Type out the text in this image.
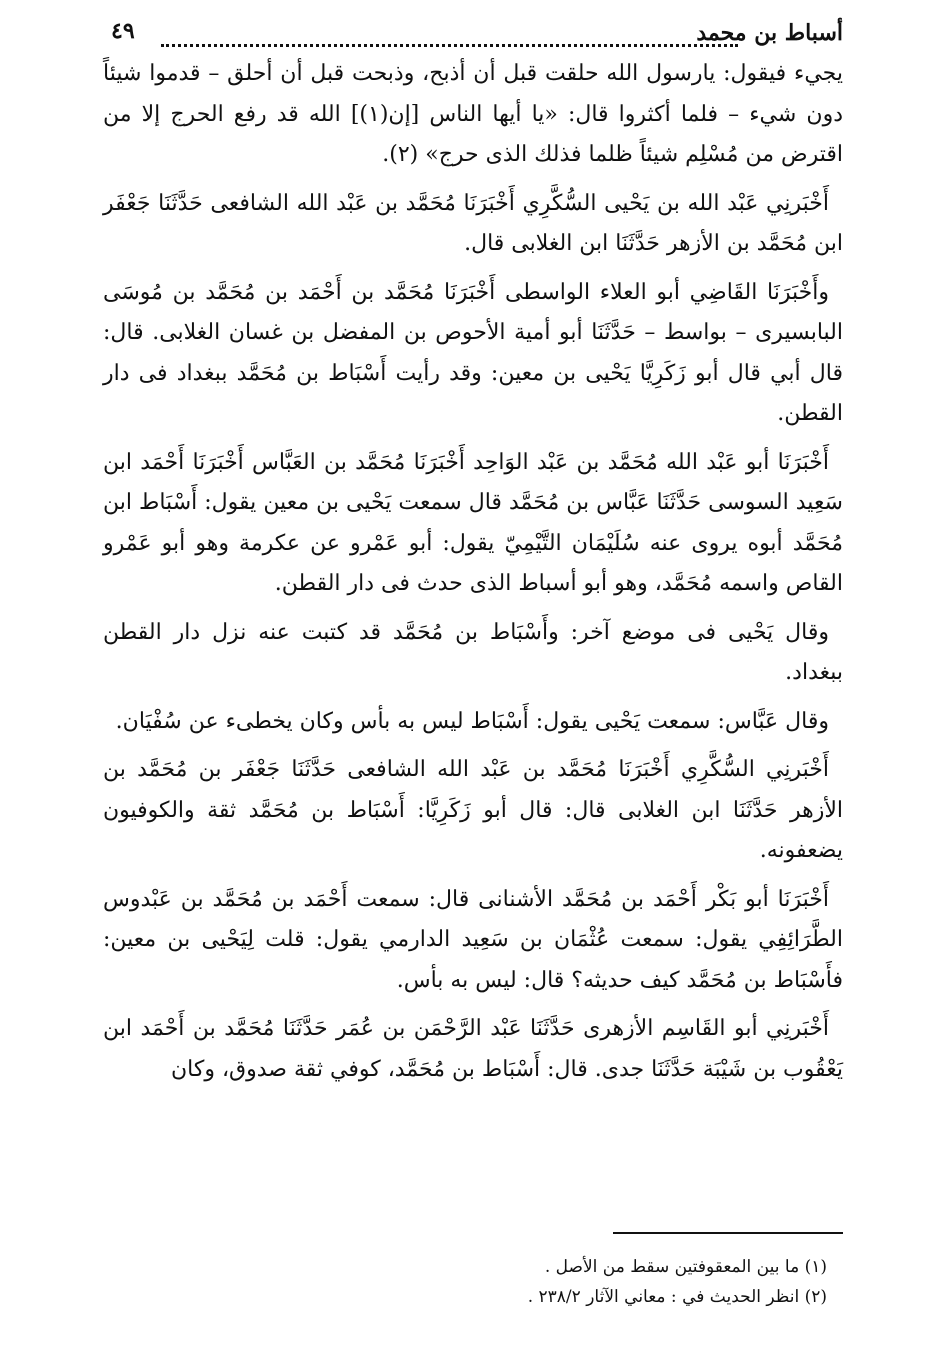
أسباط بن محمد
٤٩

يجيء فيقول: يارسول الله حلقت قبل أن أذبح، وذبحت قبل أن أحلق – قدموا شيئاً دون شيء – فلما أكثروا قال: «يا أيها الناس [إن(١)] الله قد رفع الحرج إلا من اقترض من مُسْلِم شيئاً ظلما فذلك الذى حرج» (٢).

أَخْبَرنِي عَبْد الله بن يَحْيى السُّكَّرِي أَخْبَرَنَا مُحَمَّد بن عَبْد الله الشافعى حَدَّثَنَا جَعْفَر ابن مُحَمَّد بن الأزهر حَدَّثَنَا ابن الغلابى قال.

وأَخْبَرَنَا القَاضِي أبو العلاء الواسطى أَخْبَرَنَا مُحَمَّد بن أَحْمَد بن مُحَمَّد بن مُوسَى البابسيرى – بواسط – حَدَّثَنَا أبو أمية الأحوص بن المفضل بن غسان الغلابى. قال: قال أبي قال أبو زَكَرِيَّا يَحْيى بن معين: وقد رأيت أَسْبَاط بن مُحَمَّد ببغداد فى دار القطن.

أَخْبَرَنَا أبو عَبْد الله مُحَمَّد بن عَبْد الوَاحِد أَخْبَرَنَا مُحَمَّد بن العَبَّاس أَخْبَرَنَا أَحْمَد ابن سَعِيد السوسى حَدَّثَنَا عَبَّاس بن مُحَمَّد قال سمعت يَحْيى بن معين يقول: أَسْبَاط ابن مُحَمَّد أبوه يروى عنه سُلَيْمَان التَّيْمِيّ يقول: أبو عَمْرو عن عكرمة وهو أبو عَمْرو القاص واسمه مُحَمَّد، وهو أبو أسباط الذى حدث فى دار القطن.

وقال يَحْيى فى موضع آخر: وأَسْبَاط بن مُحَمَّد قد كتبت عنه نزل دار القطن ببغداد.

وقال عَبَّاس: سمعت يَحْيى يقول: أَسْبَاط ليس به بأس وكان يخطىء عن سُفْيَان.

أَخْبَرنِي السُّكَّرِي أَخْبَرَنَا مُحَمَّد بن عَبْد الله الشافعى حَدَّثَنَا جَعْفَر بن مُحَمَّد بن الأزهر حَدَّثَنَا ابن الغلابى قال: قال أبو زَكَرِيَّا: أَسْبَاط بن مُحَمَّد ثقة والكوفيون يضعفونه.

أَخْبَرَنَا أبو بَكْر أَحْمَد بن مُحَمَّد الأشنانى قال: سمعت أَحْمَد بن مُحَمَّد بن عَبْدوس الطَّرَائِفِي يقول: سمعت عُثْمَان بن سَعِيد الدارمي يقول: قلت لِيَحْيى بن معين: فأَسْبَاط بن مُحَمَّد كيف حديثه؟ قال: ليس به بأس.

أَخْبَرنِي أبو القَاسِم الأزهرى حَدَّثَنَا عَبْد الرَّحْمَن بن عُمَر حَدَّثَنَا مُحَمَّد بن أَحْمَد ابن يَعْقُوب بن شَيْبَة حَدَّثَنَا جدى. قال: أَسْبَاط بن مُحَمَّد، كوفي ثقة صدوق، وكان

(١) ما بين المعقوفتين سقط من الأصل .

(٢) انظر الحديث في : معاني الآثار ٢٣٨/٢ .
